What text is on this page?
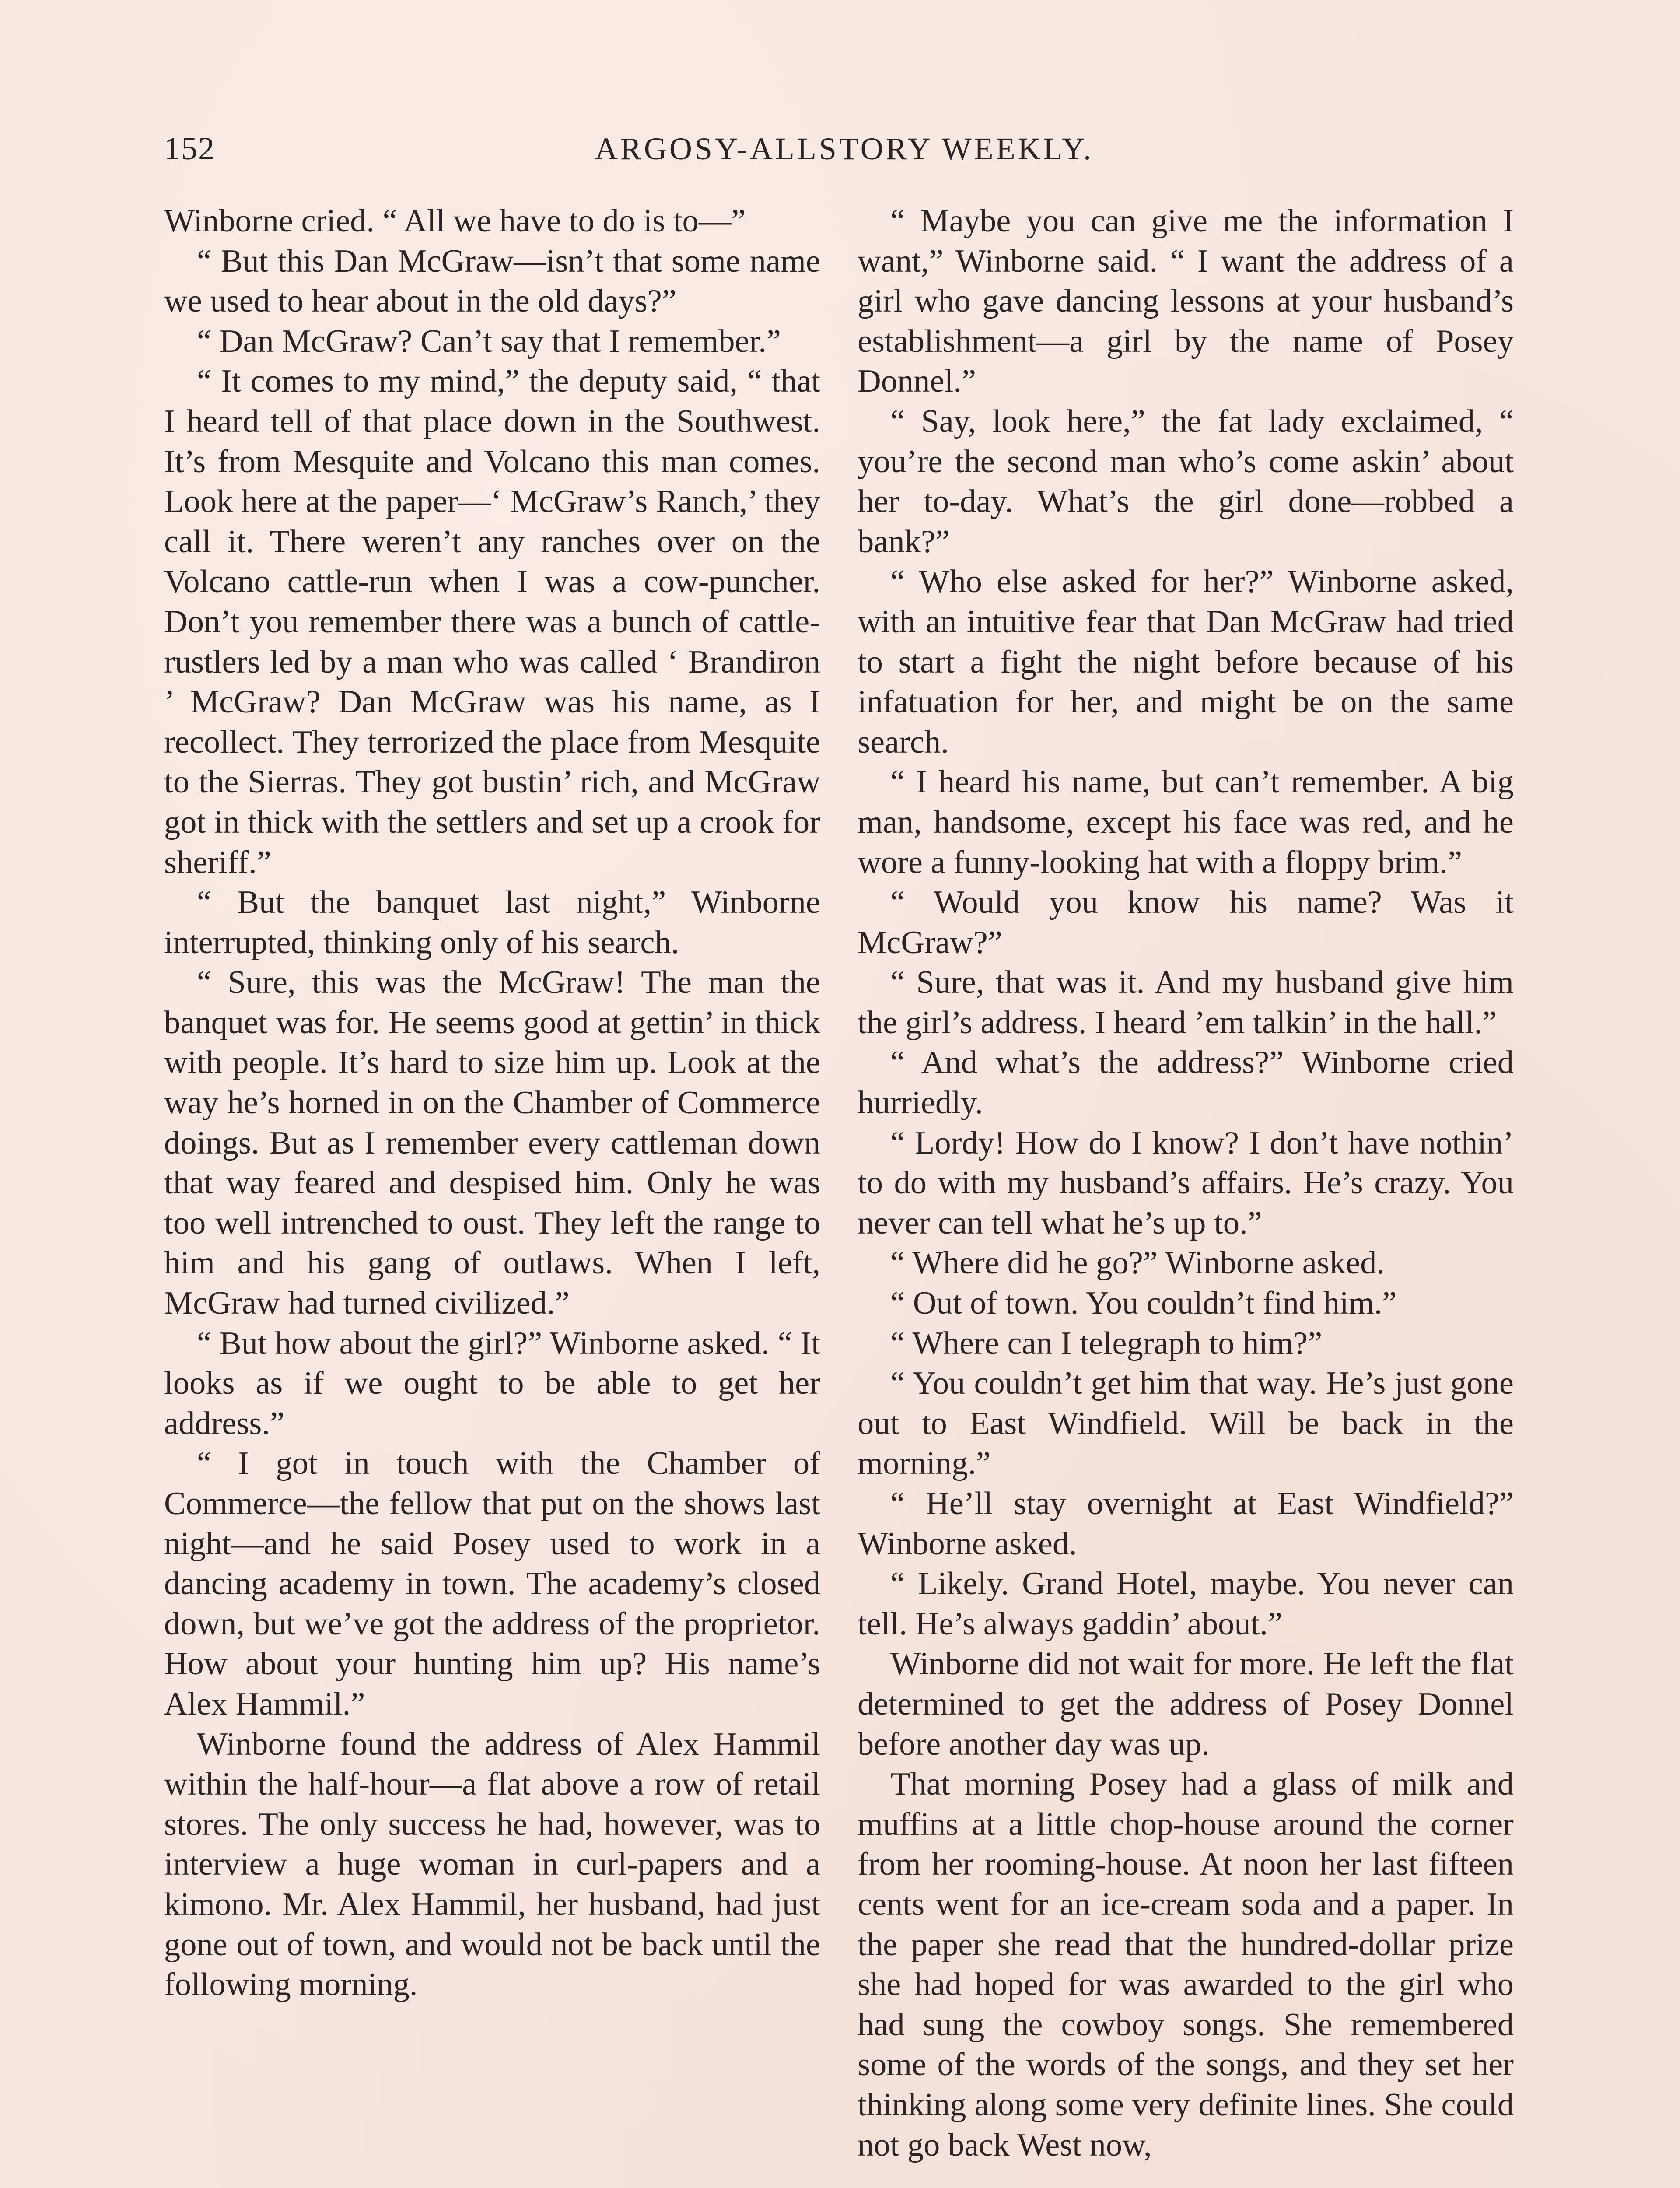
152	ARGOSY-ALLSTORY WEEKLY.

Winborne cried. “ All we have to do is to—”

“ But this Dan McGraw—isn’t that some name we used to hear about in the old days?”

“ Dan McGraw? Can’t say that I remember.”

“ It comes to my mind,” the deputy said, “ that I heard tell of that place down in the Southwest. It’s from Mesquite and Volcano this man comes. Look here at the paper—‘ McGraw’s Ranch,’ they call it. There weren’t any ranches over on the Volcano cattle-run when I was a cow-puncher. Don’t you remember there was a bunch of cattle-rustlers led by a man who was called ‘ Brandiron ’ McGraw? Dan McGraw was his name, as I recollect. They terrorized the place from Mesquite to the Sierras. They got bustin’ rich, and McGraw got in thick with the settlers and set up a crook for sheriff.”

“ But the banquet last night,” Winborne interrupted, thinking only of his search.

“ Sure, this was the McGraw! The man the banquet was for. He seems good at gettin’ in thick with people. It’s hard to size him up. Look at the way he’s horned in on the Chamber of Commerce doings. But as I remember every cattleman down that way feared and despised him. Only he was too well intrenched to oust. They left the range to him and his gang of outlaws. When I left, McGraw had turned civilized.”

“ But how about the girl?” Winborne asked. “ It looks as if we ought to be able to get her address.”

“ I got in touch with the Chamber of Commerce—the fellow that put on the shows last night—and he said Posey used to work in a dancing academy in town. The academy’s closed down, but we’ve got the address of the proprietor. How about your hunting him up? His name’s Alex Hammil.”

Winborne found the address of Alex Hammil within the half-hour—a flat above a row of retail stores. The only success he had, however, was to interview a huge woman in curl-papers and a kimono. Mr. Alex Hammil, her husband, had just gone out of town, and would not be back until the following morning.

“ Maybe you can give me the information I want,” Winborne said. “ I want the address of a girl who gave dancing lessons at your husband’s establishment—a girl by the name of Posey Donnel.”

“ Say, look here,” the fat lady exclaimed, “ you’re the second man who’s come askin’ about her to-day. What’s the girl done—robbed a bank?”

“ Who else asked for her?” Winborne asked, with an intuitive fear that Dan McGraw had tried to start a fight the night before because of his infatuation for her, and might be on the same search.

“ I heard his name, but can’t remember. A big man, handsome, except his face was red, and he wore a funny-looking hat with a floppy brim.”

“ Would you know his name? Was it McGraw?”

“ Sure, that was it. And my husband give him the girl’s address. I heard ’em talkin’ in the hall.”

“ And what’s the address?” Winborne cried hurriedly.

“ Lordy! How do I know? I don’t have nothin’ to do with my husband’s affairs. He’s crazy. You never can tell what he’s up to.”

“ Where did he go?” Winborne asked.

“ Out of town. You couldn’t find him.”

“ Where can I telegraph to him?”

“ You couldn’t get him that way. He’s just gone out to East Windfield. Will be back in the morning.”

“ He’ll stay overnight at East Windfield?” Winborne asked.

“ Likely. Grand Hotel, maybe. You never can tell. He’s always gaddin’ about.”

Winborne did not wait for more. He left the flat determined to get the address of Posey Donnel before another day was up.

That morning Posey had a glass of milk and muffins at a little chop-house around the corner from her rooming-house. At noon her last fifteen cents went for an ice-cream soda and a paper. In the paper she read that the hundred-dollar prize she had hoped for was awarded to the girl who had sung the cowboy songs. She remembered some of the words of the songs, and they set her thinking along some very definite lines. She could not go back West now,
